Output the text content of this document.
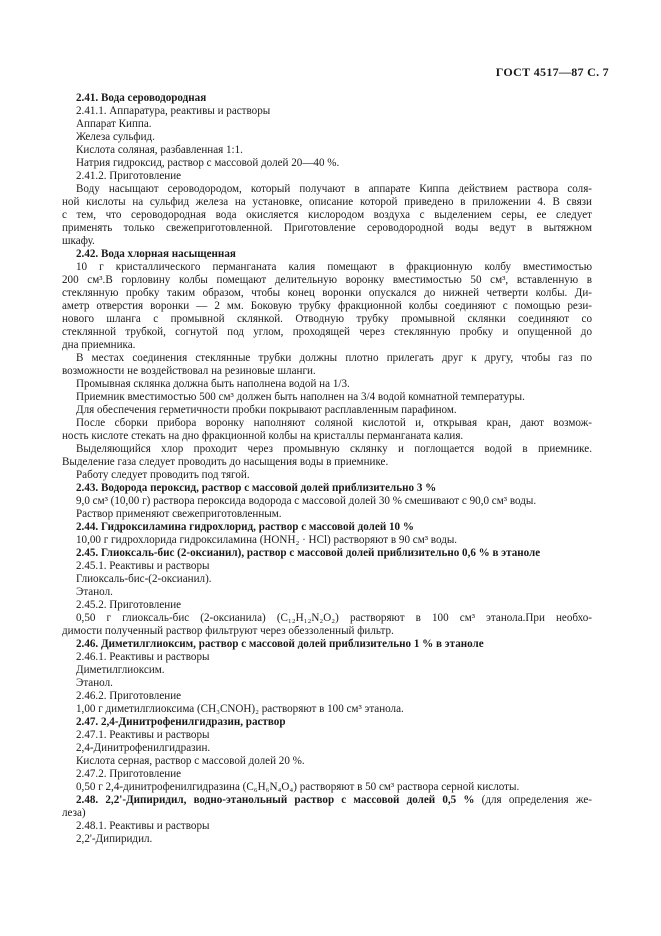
ГОСТ 4517—87 С. 7
2.41. Вода сероводородная
2.41.1. Аппаратура, реактивы и растворы
Аппарат Киппа.
Железа сульфид.
Кислота соляная, разбавленная 1:1.
Натрия гидроксид, раствор с массовой долей 20—40 %.
2.41.2. Приготовление
Воду насыщают сероводородом, который получают в аппарате Киппа действием раствора соля-
ной кислоты на сульфид железа на установке, описание которой приведено в приложении 4. В связи
с тем, что сероводородная вода окисляется кислородом воздуха с выделением серы, ее следует
применять только свежеприготовленной. Приготовление сероводородной воды ведут в вытяжном
шкафу.
2.42. Вода хлорная насыщенная
10 г кристаллического перманганата калия помещают в фракционную колбу вместимостью
200 см³.В горловину колбы помещают делительную воронку вместимостью 50 см³, вставленную в
стеклянную пробку таким образом, чтобы конец воронки опускался до нижней четверти колбы. Ди-
аметр отверстия воронки — 2 мм. Боковую трубку фракционной колбы соединяют с помощью рези-
нового шланга с промывной склянкой. Отводную трубку промывной склянки соединяют со
стеклянной трубкой, согнутой под углом, проходящей через стеклянную пробку и опущенной до
дна приемника.
В местах соединения стеклянные трубки должны плотно прилегать друг к другу, чтобы газ по
возможности не воздействовал на резиновые шланги.
Промывная склянка должна быть наполнена водой на 1/3.
Приемник вместимостью 500 см³ должен быть наполнен на 3/4 водой комнатной температуры.
Для обеспечения герметичности пробки покрывают расплавленным парафином.
После сборки прибора воронку наполняют соляной кислотой и, открывая кран, дают возмож-
ность кислоте стекать на дно фракционной колбы на кристаллы перманганата калия.
Выделяющийся хлор проходит через промывную склянку и поглощается водой в приемнике.
Выделение газа следует проводить до насыщения воды в приемнике.
Работу следует проводить под тягой.
2.43. Водорода пероксид, раствор с массовой долей приблизительно 3 %
9,0 см³ (10,00 г) раствора пероксида водорода с массовой долей 30 % смешивают с 90,0 см³ воды.
Раствор применяют свежеприготовленным.
2.44. Гидроксиламина гидрохлорид, раствор с массовой долей 10 %
10,00 г гидрохлорида гидроксиламина (HONH₂ · HCl) растворяют в 90 см³ воды.
2.45. Глиоксаль-бис (2-оксианил), раствор с массовой долей приблизительно 0,6 % в этаноле
2.45.1. Реактивы и растворы
Глиоксаль-бис-(2-оксианил).
Этанол.
2.45.2. Приготовление
0,50 г глиоксаль-бис (2-оксианила) (C₁₂H₁₂N₂O₂) растворяют в 100 см³ этанола.При необхо-
димости полученный раствор фильтруют через обеззоленный фильтр.
2.46. Диметилглиоксим, раствор с массовой долей приблизительно 1 % в этаноле
2.46.1. Реактивы и растворы
Диметилглиоксим.
Этанол.
2.46.2. Приготовление
1,00 г диметилглиоксима (CH₃CNOH)₂ растворяют в 100 см³ этанола.
2.47. 2,4-Динитрофенилгидразин, раствор
2.47.1. Реактивы и растворы
2,4-Динитрофенилгидразин.
Кислота серная, раствор с массовой долей 20 %.
2.47.2. Приготовление
0,50 г 2,4-динитрофенилгидразина (C₆H₆N₄O₄) растворяют в 50 см³ раствора серной кислоты.
2.48. 2,2'-Дипиридил, водно-этанольный раствор с массовой долей 0,5 % (для определения же-
леза)
2.48.1. Реактивы и растворы
2,2'-Дипиридил.
